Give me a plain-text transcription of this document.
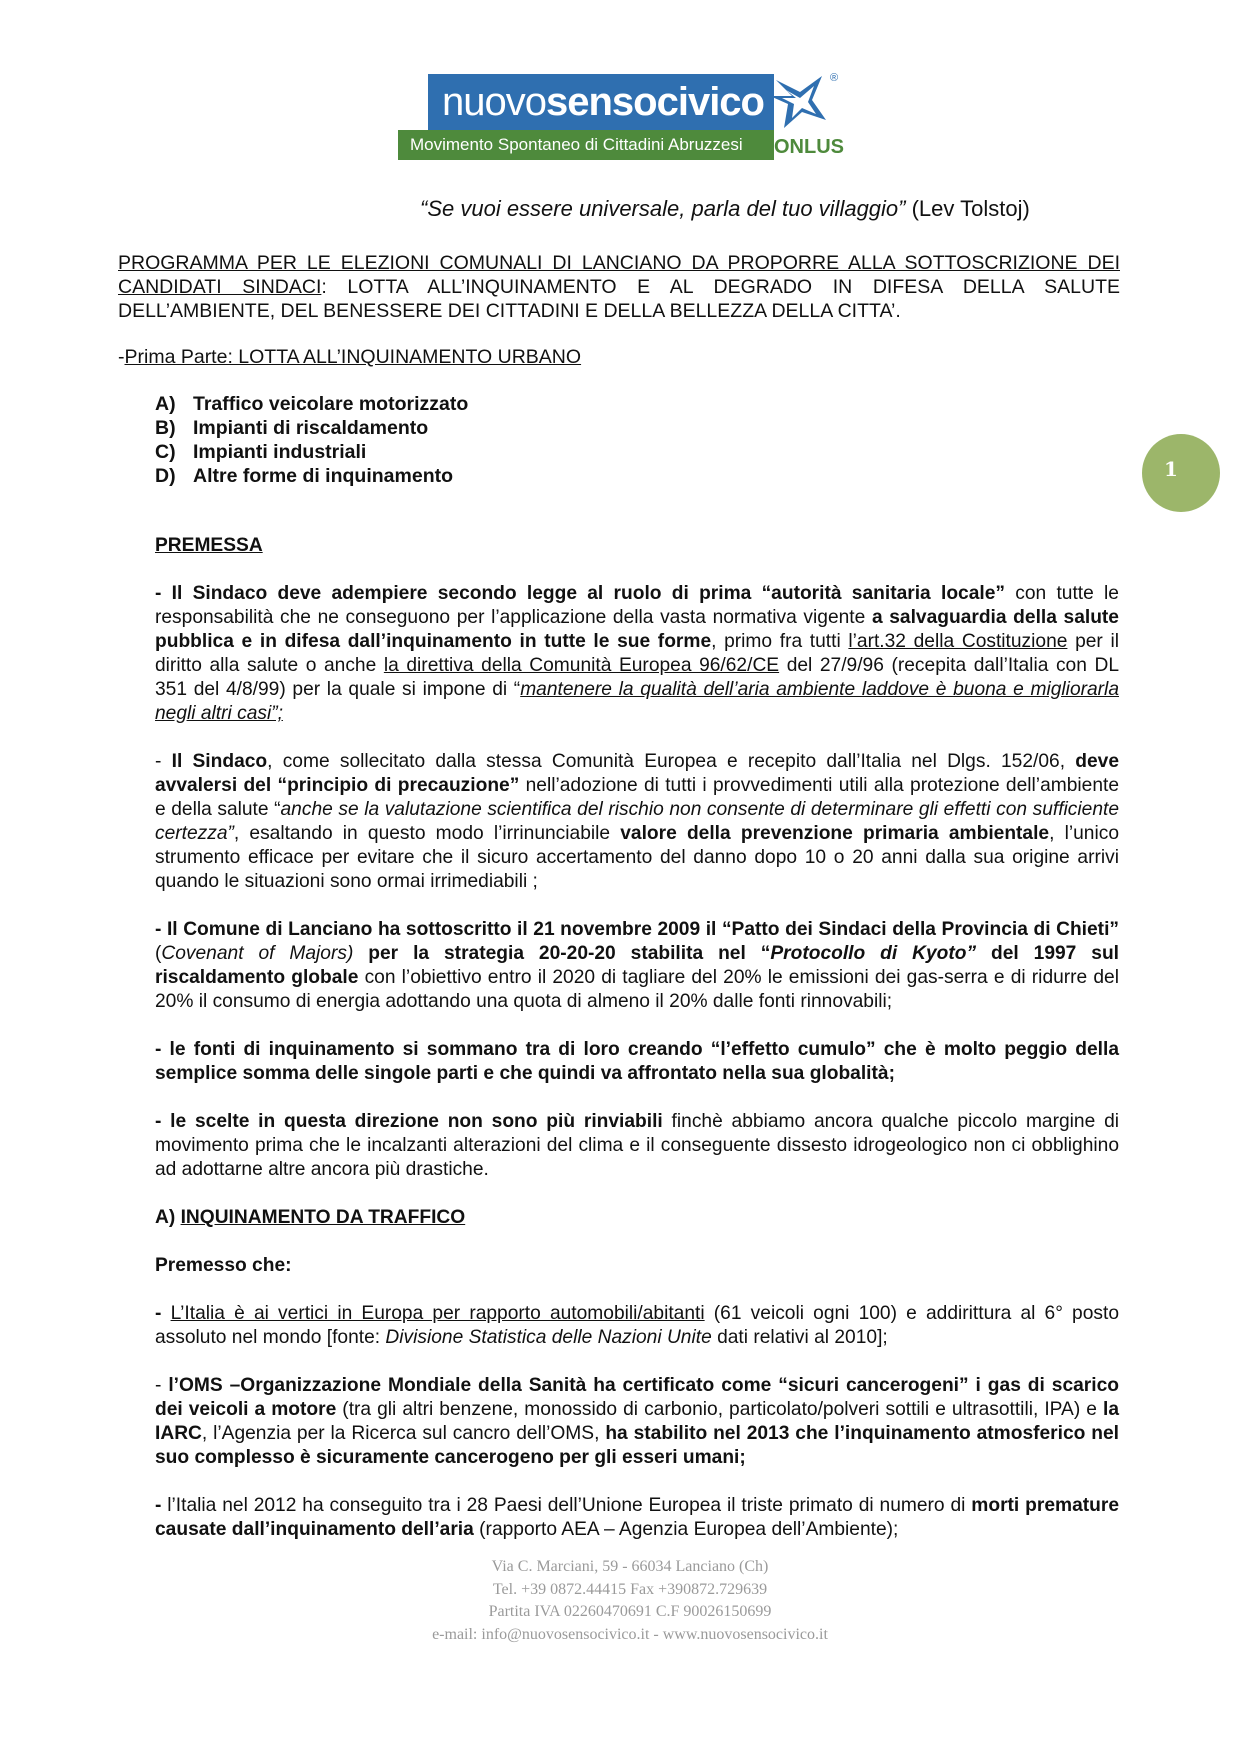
nuovosensocivico
®
Movimento Spontaneo di Cittadini Abruzzesi	ONLUS
“Se vuoi essere universale, parla del tuo villaggio” (Lev Tolstoj)
PROGRAMMA PER LE ELEZIONI COMUNALI DI LANCIANO DA PROPORRE ALLA SOTTOSCRIZIONE DEI CANDIDATI SINDACI: LOTTA ALL’INQUINAMENTO E AL DEGRADO IN DIFESA DELLA SALUTE DELL’AMBIENTE, DEL BENESSERE DEI CITTADINI E DELLA BELLEZZA DELLA CITTA’.
-Prima Parte: LOTTA ALL’INQUINAMENTO URBANO
A) Traffico veicolare motorizzato
B) Impianti di riscaldamento
C) Impianti industriali
D) Altre forme di inquinamento	1

PREMESSA

- Il Sindaco deve adempiere secondo legge al ruolo di prima “autorità sanitaria locale” con tutte le responsabilità che ne conseguono per l’applicazione della vasta normativa vigente a salvaguardia della salute pubblica e in difesa dall’inquinamento in tutte le sue forme, primo fra tutti l’art.32 della Costituzione per il diritto alla salute o anche la direttiva della Comunità Europea 96/62/CE del 27/9/96 (recepita dall’Italia con DL 351 del 4/8/99) per la quale si impone di “mantenere la qualità dell’aria ambiente laddove è buona e migliorarla negli altri casi”;

- Il Sindaco, come sollecitato dalla stessa Comunità Europea e recepito dall’Italia nel Dlgs. 152/06, deve avvalersi del “principio di precauzione” nell’adozione di tutti i provvedimenti utili alla protezione dell’ambiente e della salute “anche se la valutazione scientifica del rischio non consente di determinare gli effetti con sufficiente certezza”, esaltando in questo modo l’irrinunciabile valore della prevenzione primaria ambientale, l’unico strumento efficace per evitare che il sicuro accertamento del danno dopo 10 o 20 anni dalla sua origine arrivi quando le situazioni sono ormai irrimediabili ;

- Il Comune di Lanciano ha sottoscritto il 21 novembre 2009 il “Patto dei Sindaci della Provincia di Chieti” (Covenant of Majors) per la strategia 20-20-20 stabilita nel “Protocollo di Kyoto” del 1997 sul riscaldamento globale con l’obiettivo entro il 2020 di tagliare del 20% le emissioni dei gas-serra e di ridurre del 20% il consumo di energia adottando una quota di almeno il 20% dalle fonti rinnovabili;

- le fonti di inquinamento si sommano tra di loro creando “l’effetto cumulo” che è molto peggio della semplice somma delle singole parti e che quindi va affrontato nella sua globalità;

- le scelte in questa direzione non sono più rinviabili finchè abbiamo ancora qualche piccolo margine di movimento prima che le incalzanti alterazioni del clima e il conseguente dissesto idrogeologico non ci obblighino ad adottarne altre ancora più drastiche.

A) INQUINAMENTO DA TRAFFICO

Premesso che:

- L’Italia è ai vertici in Europa per rapporto automobili/abitanti (61 veicoli ogni 100) e addirittura al 6° posto assoluto nel mondo [fonte: Divisione Statistica delle Nazioni Unite dati relativi al 2010];

- l’OMS –Organizzazione Mondiale della Sanità ha certificato come “sicuri cancerogeni” i gas di scarico dei veicoli a motore (tra gli altri benzene, monossido di carbonio, particolato/polveri sottili e ultrasottili, IPA) e la IARC, l’Agenzia per la Ricerca sul cancro dell’OMS, ha stabilito nel 2013 che l’inquinamento atmosferico nel suo complesso è sicuramente cancerogeno per gli esseri umani;

- l’Italia nel 2012 ha conseguito tra i 28 Paesi dell’Unione Europea il triste primato di numero di morti premature causate dall’inquinamento dell’aria (rapporto AEA – Agenzia Europea dell’Ambiente);

Via C. Marciani, 59 - 66034 Lanciano (Ch)
Tel. +39 0872.44415 Fax +390872.729639
Partita IVA 02260470691 C.F 90026150699
e-mail: info@nuovosensocivico.it - www.nuovosensocivico.it
